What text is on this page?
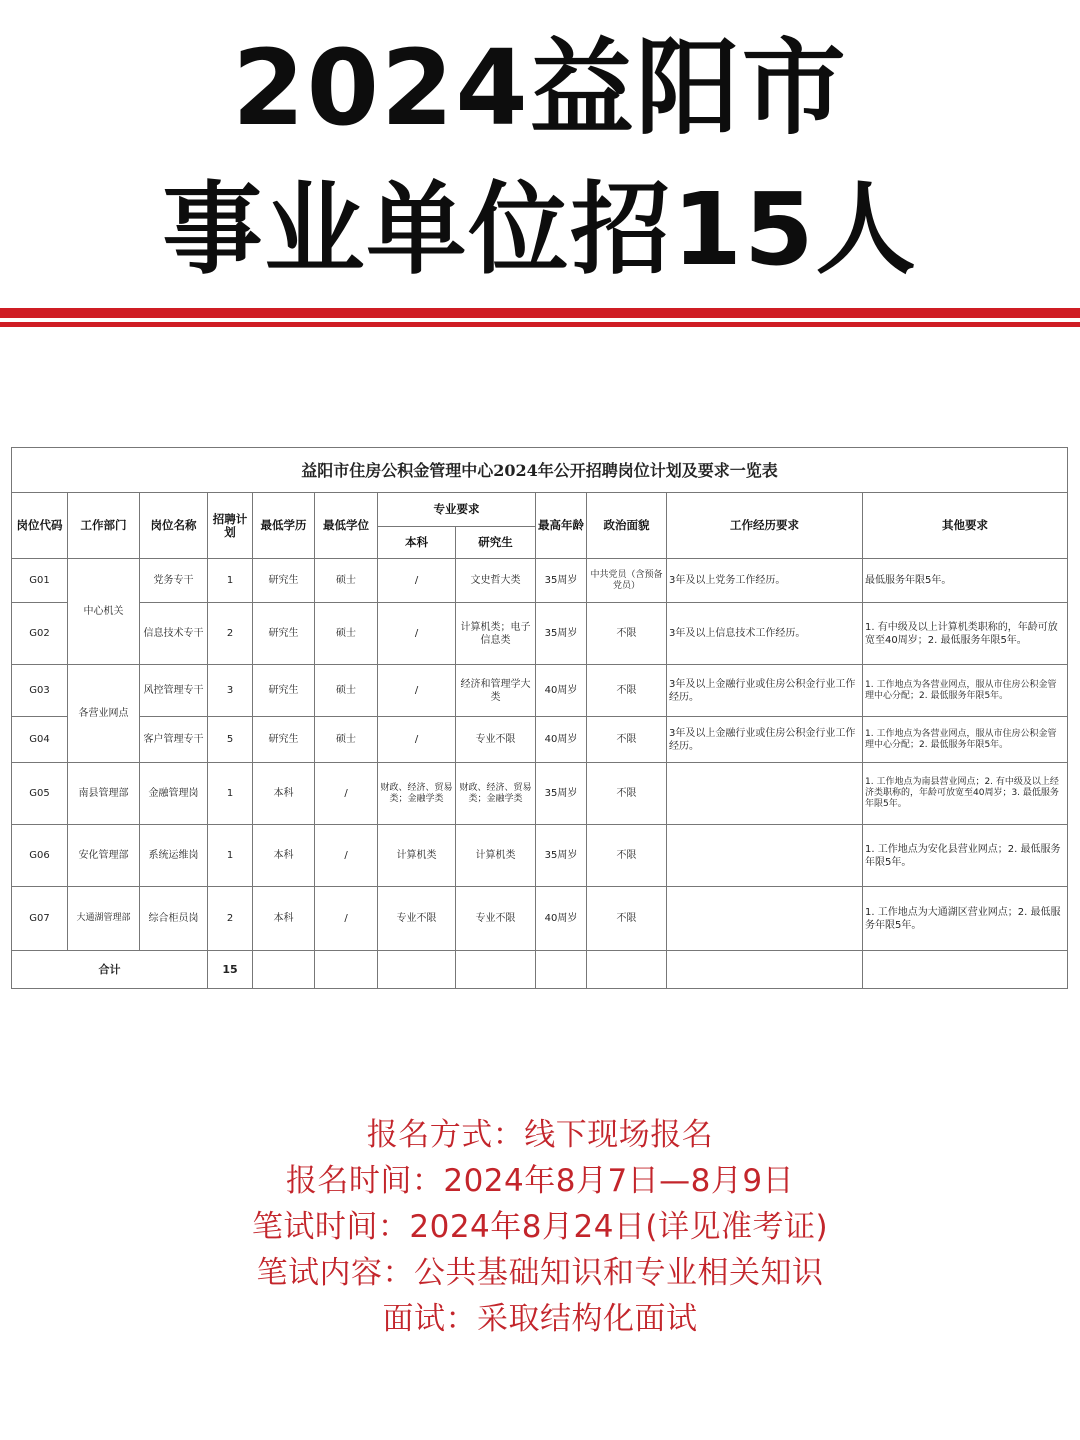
2024益阳市
事业单位招15人
益阳市住房公积金管理中心2024年公开招聘岗位计划及要求一览表											
岗位代码	工作部门	岗位名称	招聘计划	最低学历	最低学位	专业要求		最高年龄	政治面貌	工作经历要求	其他要求
						本科	研究生				
G01	中心机关	党务专干	1	研究生	硕士	/	文史哲大类	35周岁	中共党员（含预备党员）	3年及以上党务工作经历。	最低服务年限5年。
G02		信息技术专干	2	研究生	硕士	/	计算机类；电子信息类	35周岁	不限	3年及以上信息技术工作经历。	1. 有中级及以上计算机类职称的，年龄可放宽至40周岁；2. 最低服务年限5年。
G03	各营业网点	风控管理专干	3	研究生	硕士	/	经济和管理学大类	40周岁	不限	3年及以上金融行业或住房公积金行业工作经历。	1. 工作地点为各营业网点，服从市住房公积金管理中心分配；2. 最低服务年限5年。
G04		客户管理专干	5	研究生	硕士	/	专业不限	40周岁	不限	3年及以上金融行业或住房公积金行业工作经历。	1. 工作地点为各营业网点，服从市住房公积金管理中心分配；2. 最低服务年限5年。
G05	南县管理部	金融管理岗	1	本科	/	财政、经济、贸易类；金融学类	财政、经济、贸易类；金融学类	35周岁	不限		1. 工作地点为南县营业网点；2. 有中级及以上经济类职称的，年龄可放宽至40周岁；3. 最低服务年限5年。
G06	安化管理部	系统运维岗	1	本科	/	计算机类	计算机类	35周岁	不限		1. 工作地点为安化县营业网点；2. 最低服务年限5年。
G07	大通湖管理部	综合柜员岗	2	本科	/	专业不限	专业不限	40周岁	不限		1. 工作地点为大通湖区营业网点；2. 最低服务年限5年。
合计			15								
报名方式：线下现场报名
报名时间：2024年8月7日—8月9日
笔试时间：2024年8月24日(详见准考证)
笔试内容：公共基础知识和专业相关知识
面试：采取结构化面试
